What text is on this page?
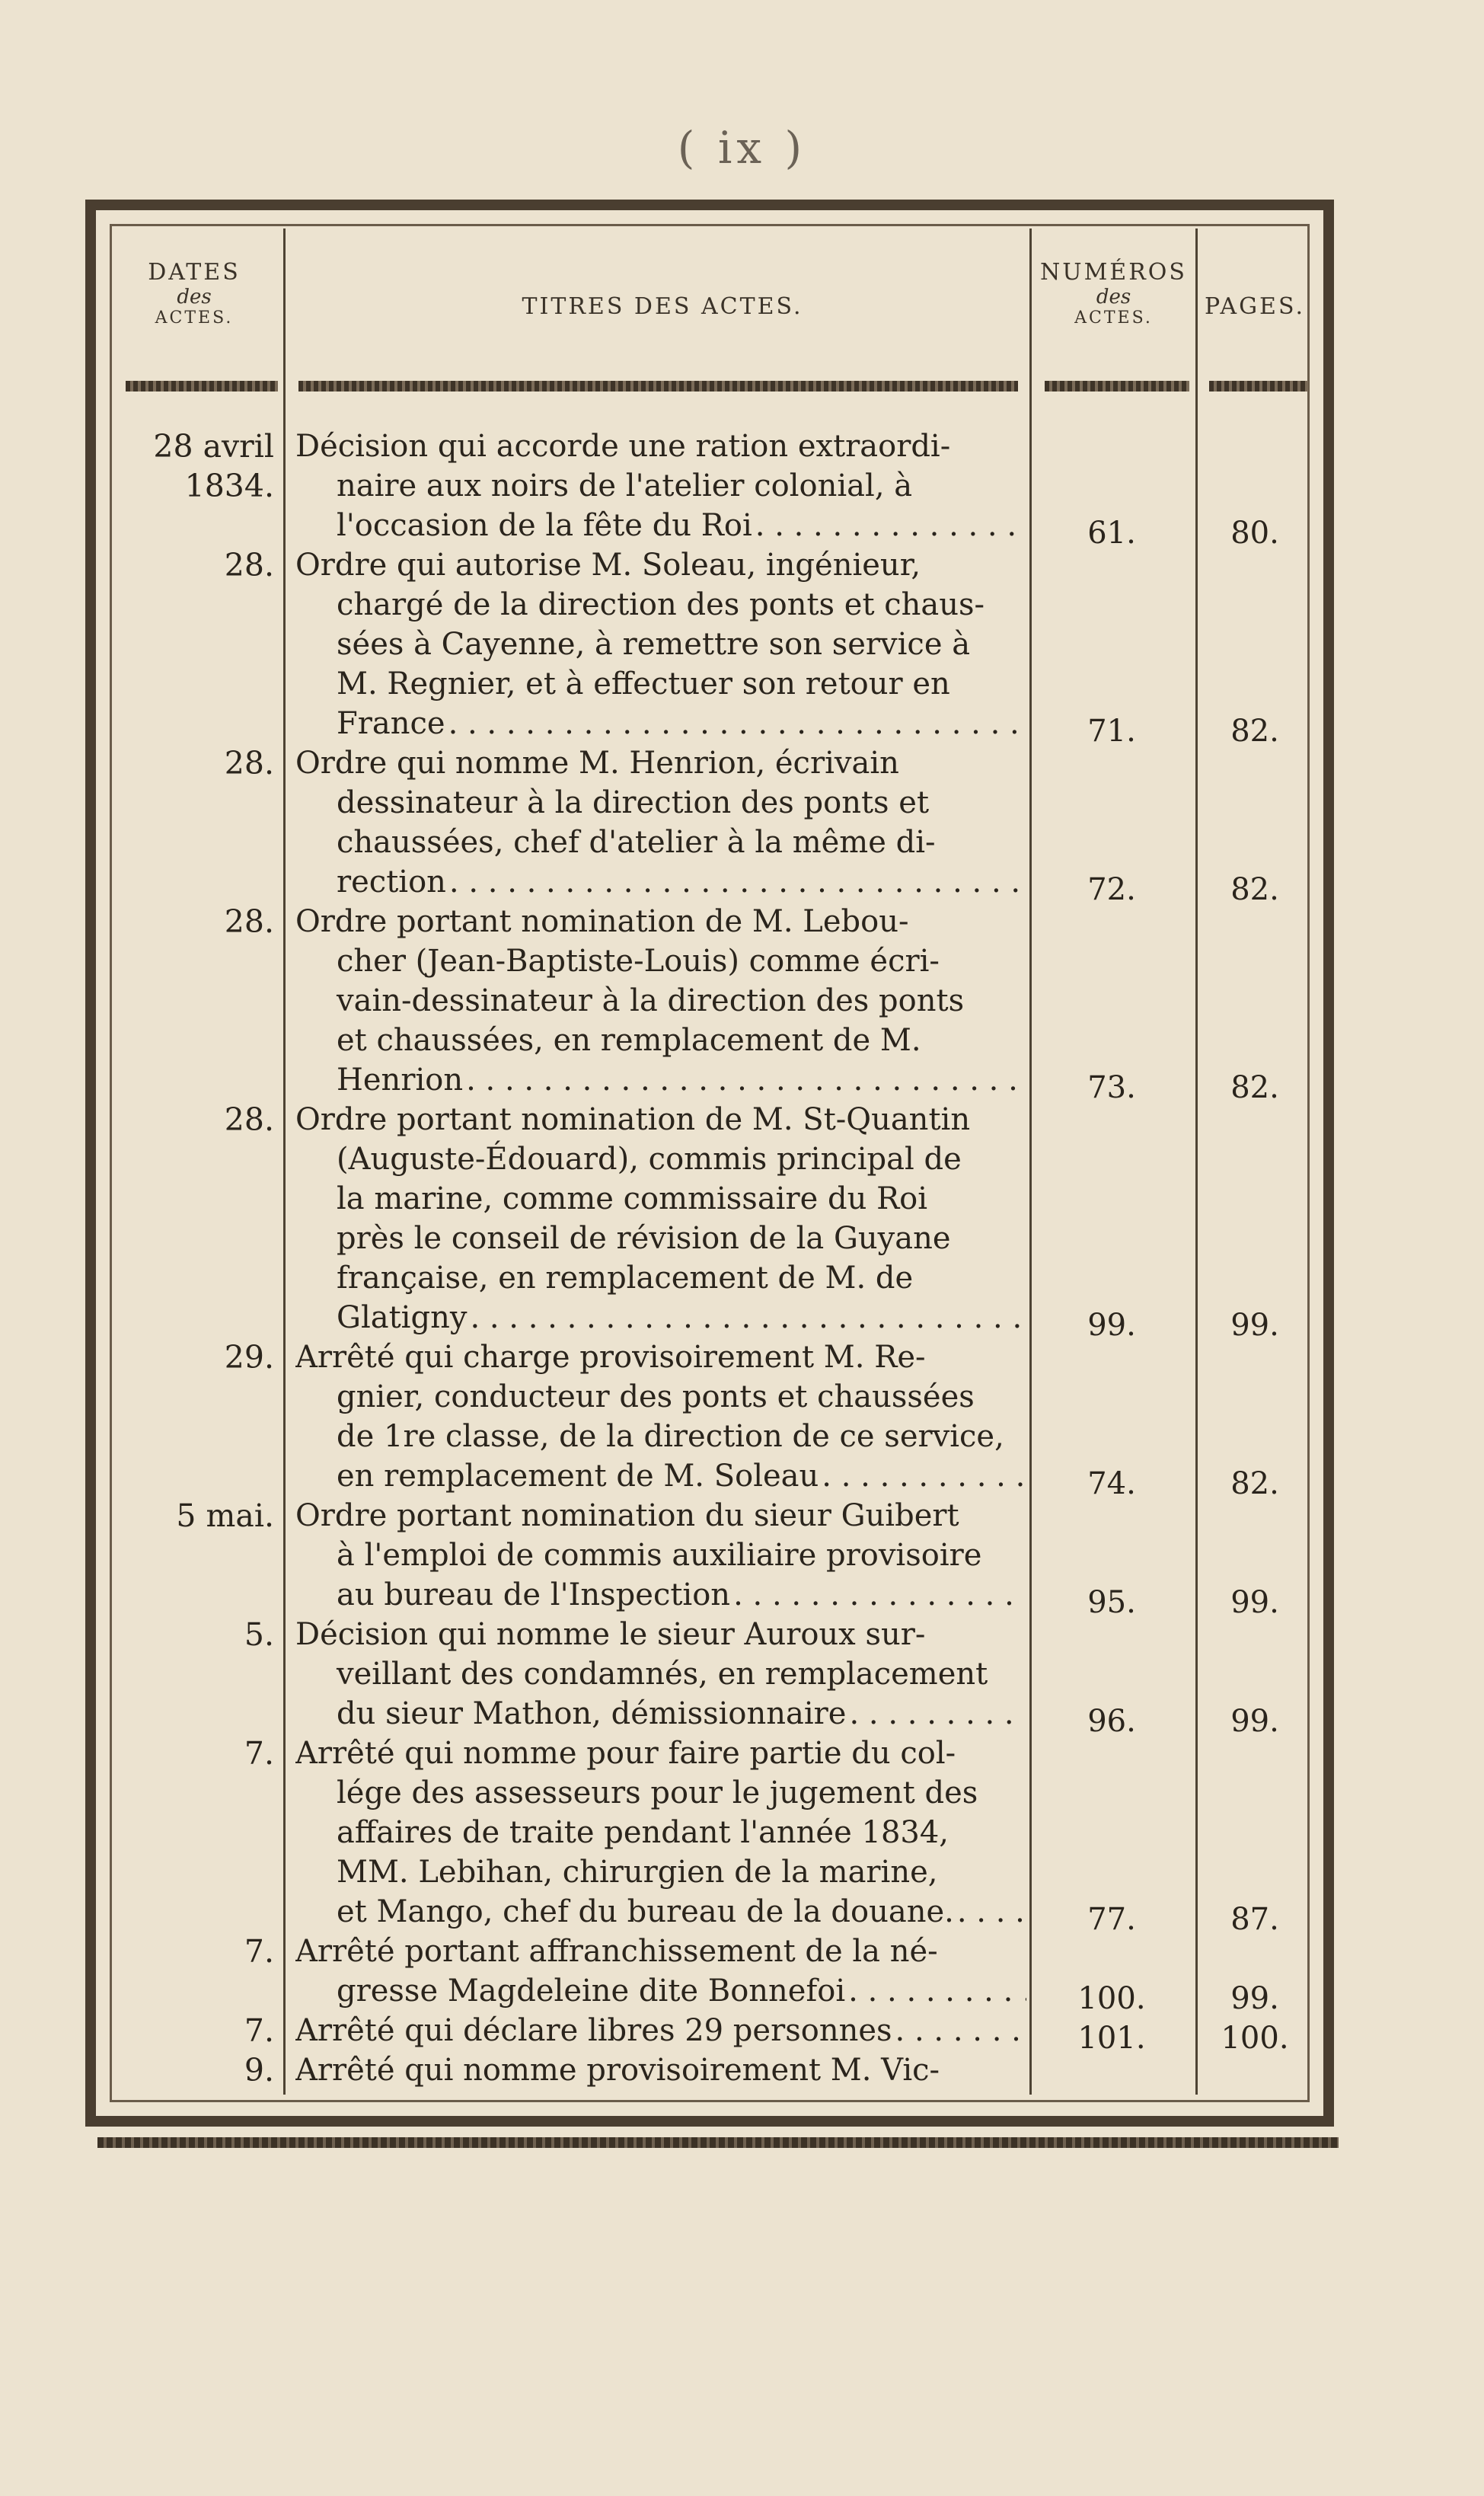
( ix )
DATES
des
ACTES.	TITRES DES ACTES.
NUMÉROS
des
ACTES.	PAGES.
28 avril
1834.
Décision qui accorde une ration extraordi-
naire aux noirs de l'atelier colonial, à
l'occasion de la fête du Roi . . .	61.	80.
28. Ordre qui autorise M. Soleau, ingénieur,
chargé de la direction des ponts et chaus-
sées à Cayenne, à remettre son service à
M. Regnier, et à effectuer son retour en
France . . .	71.	82.
28. Ordre qui nomme M. Henrion, écrivain
dessinateur à la direction des ponts et
chaussées, chef d'atelier à la même di-
rection . . .	72.	82.
28. Ordre portant nomination de M. Lebou-
cher (Jean-Baptiste-Louis) comme écri-
vain-dessinateur à la direction des ponts
et chaussées, en remplacement de M.
Henrion . . .	73.	82.
28. Ordre portant nomination de M. St-Quantin
(Auguste-Édouard), commis principal de
la marine, comme commissaire du Roi
près le conseil de révision de la Guyane
française, en remplacement de M. de
Glatigny . . .	99.	99.
29. Arrêté qui charge provisoirement M. Re-
gnier, conducteur des ponts et chaussées
de 1re classe, de la direction de ce service,
en remplacement de M. Soleau . . .	74.	82.
5 mai. Ordre portant nomination du sieur Guibert
à l'emploi de commis auxiliaire provisoire
au bureau de l'Inspection . . .	95.	99.
5. Décision qui nomme le sieur Auroux sur-
veillant des condamnés, en remplacement
du sieur Mathon, démissionnaire . . .	96.	99.
7. Arrêté qui nomme pour faire partie du col-
lége des assesseurs pour le jugement des
affaires de traite pendant l'année 1834,
MM. Lebihan, chirurgien de la marine,
et Mango, chef du bureau de la douane. . . .	77.	87.
7. Arrêté portant affranchissement de la né-
gresse Magdeleine dite Bonnefoi . . .	100.	99.
7. Arrêté qui déclare libres 29 personnes . . .	101.	100.
9. Arrêté qui nomme provisoirement M. Vic-
